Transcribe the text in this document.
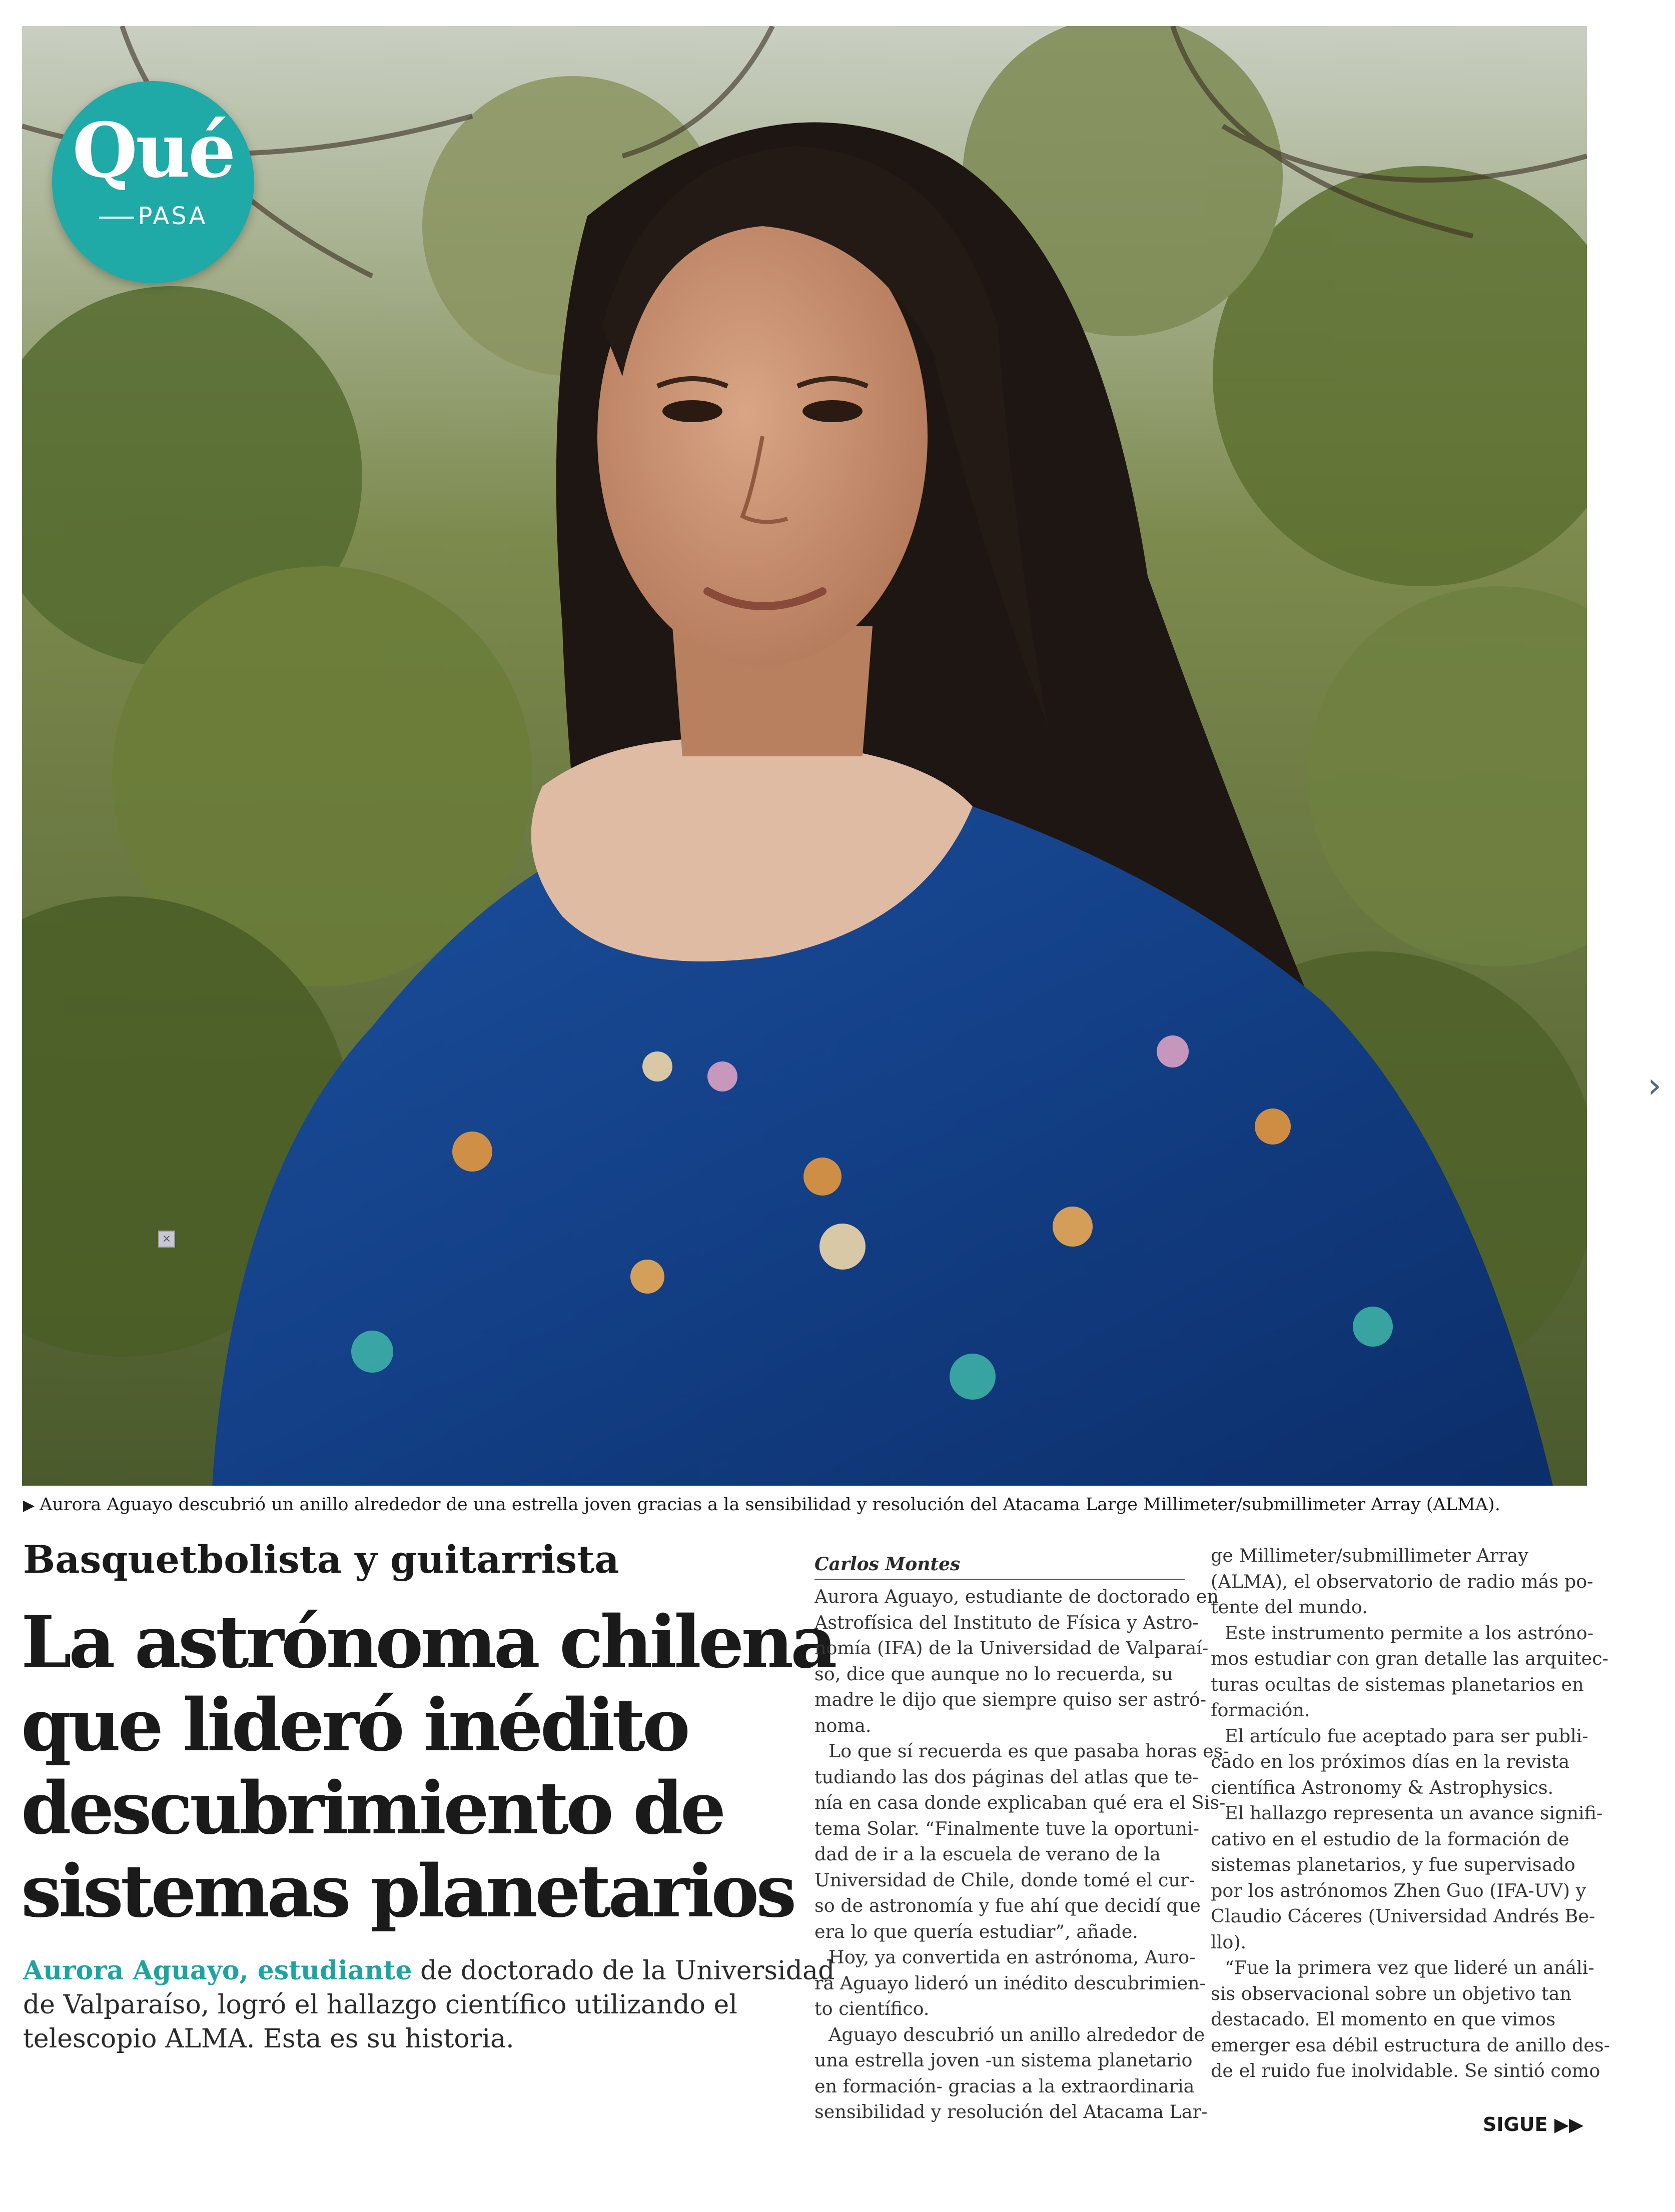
Qué
PASA
×
›
▶ Aurora Aguayo descubrió un anillo alrededor de una estrella joven gracias a la sensibilidad y resolución del Atacama Large Millimeter/submillimeter Array (ALMA).
Basquetbolista y guitarrista
La astrónoma chilena
que lideró inédito
descubrimiento de
sistemas planetarios
Aurora Aguayo, estudiante de doctorado de la Universidad
de Valparaíso, logró el hallazgo científico utilizando el
telescopio ALMA. Esta es su historia.
Carlos Montes
Aurora Aguayo, estudiante de doctorado en
Astrofísica del Instituto de Física y Astro-
nomía (IFA) de la Universidad de Valparaí-
so, dice que aunque no lo recuerda, su
madre le dijo que siempre quiso ser astró-
noma.
Lo que sí recuerda es que pasaba horas es-
tudiando las dos páginas del atlas que te-
nía en casa donde explicaban qué era el Sis-
tema Solar. “Finalmente tuve la oportuni-
dad de ir a la escuela de verano de la
Universidad de Chile, donde tomé el cur-
so de astronomía y fue ahí que decidí que
era lo que quería estudiar”, añade.
Hoy, ya convertida en astrónoma, Auro-
ra Aguayo lideró un inédito descubrimien-
to científico.
Aguayo descubrió un anillo alrededor de
una estrella joven -un sistema planetario
en formación- gracias a la extraordinaria
sensibilidad y resolución del Atacama Lar-
ge Millimeter/submillimeter Array
(ALMA), el observatorio de radio más po-
tente del mundo.
Este instrumento permite a los astróno-
mos estudiar con gran detalle las arquitec-
turas ocultas de sistemas planetarios en
formación.
El artículo fue aceptado para ser publi-
cado en los próximos días en la revista
científica Astronomy & Astrophysics.
El hallazgo representa un avance signifi-
cativo en el estudio de la formación de
sistemas planetarios, y fue supervisado
por los astrónomos Zhen Guo (IFA-UV) y
Claudio Cáceres (Universidad Andrés Be-
llo).
“Fue la primera vez que lideré un análi-
sis observacional sobre un objetivo tan
destacado. El momento en que vimos
emerger esa débil estructura de anillo des-
de el ruido fue inolvidable. Se sintió como
SIGUE ▶▶
